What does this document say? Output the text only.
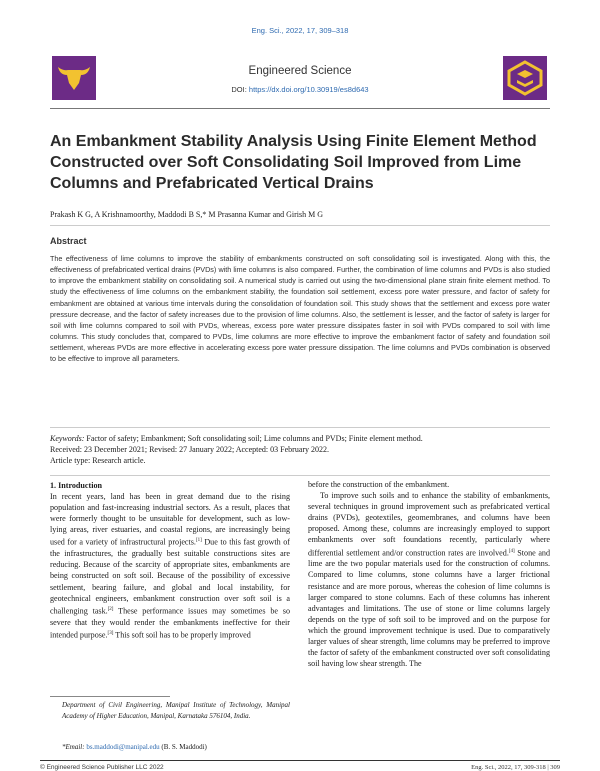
Eng. Sci., 2022, 17, 309–318
Engineered Science
DOI: https://dx.doi.org/10.30919/es8d643
An Embankment Stability Analysis Using Finite Element Method Constructed over Soft Consolidating Soil Improved from Lime Columns and Prefabricated Vertical Drains
Prakash K G, A Krishnamoorthy, Maddodi B S,* M Prasanna Kumar and Girish M G
Abstract
The effectiveness of lime columns to improve the stability of embankments constructed on soft consolidating soil is investigated. Along with this, the effectiveness of prefabricated vertical drains (PVDs) with lime columns is also compared. Further, the combination of lime columns and PVDs is also studied to improve the embankment stability on consolidating soil. A numerical study is carried out using the two-dimensional plane strain finite element method. To study the effectiveness of lime columns on the embankment stability, the foundation soil settlement, excess pore water pressure, and factor of safety for embankment are obtained at various time intervals during the consolidation of foundation soil. This study shows that the settlement and excess pore water pressure decrease, and the factor of safety increases due to the provision of lime columns. Also, the settlement is lesser, and the factor of safety is larger for soil with lime columns compared to soil with PVDs, whereas, excess pore water pressure dissipates faster in soil with PVDs compared to soil with lime columns. This study concludes that, compared to PVDs, lime columns are more effective to improve the embankment factor of safety and foundation soil settlement, whereas PVDs are more effective in accelerating excess pore water pressure dissipation. The lime columns and PVDs combination is observed to be effective to improve all parameters.
Keywords: Factor of safety; Embankment; Soft consolidating soil; Lime columns and PVDs; Finite element method.
Received: 23 December 2021; Revised: 27 January 2022; Accepted: 03 February 2022.
Article type: Research article.
1. Introduction

In recent years, land has been in great demand due to the rising population and fast-increasing industrial sectors. As a result, places that were formerly thought to be unsuitable for development, such as low-lying areas, river estuaries, and coastal regions, are increasingly being used for a variety of infrastructural projects.[1] Due to this fast growth of the infrastructures, the gradually best suitable constructions sites are reducing. Because of the scarcity of appropriate sites, embankments are being constructed on soft soil. Because of the possibility of excessive settlement, bearing failure, and global and local instability, for geotechnical engineers, embankment construction over soft soil is a challenging task.[2] These performance issues may sometimes be so severe that they would render the embankments ineffective for their intended purpose.[3] This soft soil has to be properly improved

before the construction of the embankment.

To improve such soils and to enhance the stability of embankments, several techniques in ground improvement such as prefabricated vertical drains (PVDs), geotextiles, geomembranes, and columns have been proposed. Among these, columns are increasingly employed to support embankments over soft foundations recently, particularly where differential settlement and/or construction rates are involved.[4] Stone and lime are the two popular materials used for the construction of columns. Compared to lime columns, stone columns have a larger frictional resistance and are more porous, whereas the cohesion of lime columns is larger compared to stone columns. Each of these columns has inherent advantages and limitations. The use of stone or lime columns largely depends on the type of soft soil to be improved and on the purpose for which the ground improvement technique is used. Due to comparatively larger values of shear strength, lime columns may be preferred to improve the factor of safety of the embankment constructed over soft consolidating soil having low shear strength. The

Department of Civil Engineering, Manipal Institute of Technology, Manipal Academy of Higher Education, Manipal, Karnataka 576104, India.
*Email: bs.maddodi@manipal.edu (B. S. Maddodi)
© Engineered Science Publisher LLC 2022	Eng. Sci., 2022, 17, 309-318 | 309
